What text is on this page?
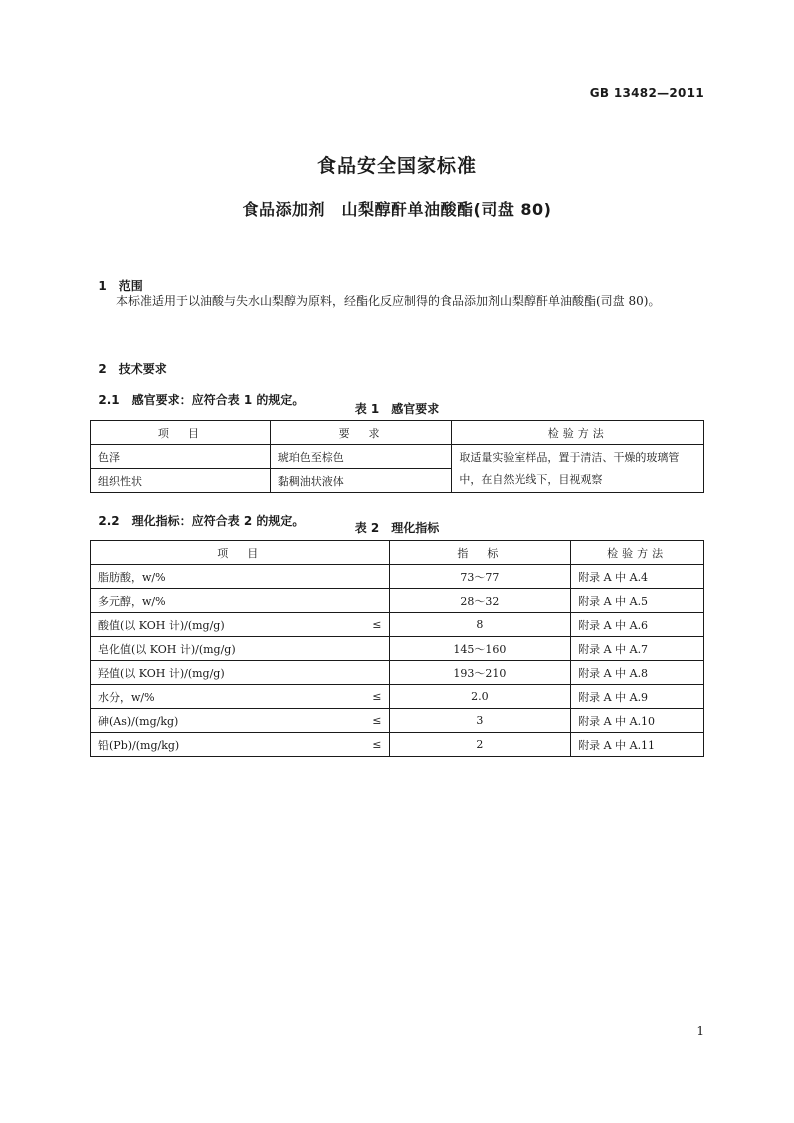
GB 13482—2011
食品安全国家标准
食品添加剂　山梨醇酐单油酸酯(司盘 80)

1　 范围

本标准适用于以油酸与失水山梨醇为原料，经酯化反应制得的食品添加剂山梨醇酐单油酸酯(司盘 80)。

2　 技术要求

2.1　 感官要求：应符合表 1 的规定。

表 1　感官要求
项　目	要　求	检验方法
色泽	琥珀色至棕色	取适量实验室样品，置于清洁、干燥的玻璃管中，在自然光线下，目视观察
组织性状	黏稠油状液体	

2.2　 理化指标：应符合表 2 的规定。	表 2　理化指标
项　目	指　标	检验方法

脂肪酸，w/%	73～77	附录 A 中 A.4

多元醇，w/%	28～32	附录 A 中 A.5

酸值(以 KOH 计)/(mg/g) ≤	8	附录 A 中 A.6

皂化值(以 KOH 计)/(mg/g)	145～160	附录 A 中 A.7

羟值(以 KOH 计)/(mg/g)	193～210	附录 A 中 A.8

水分，w/% ≤	2.0	附录 A 中 A.9

砷(As)/(mg/kg) ≤	3	附录 A 中 A.10

铅(Pb)/(mg/kg) ≤	2	附录 A 中 A.11
1
